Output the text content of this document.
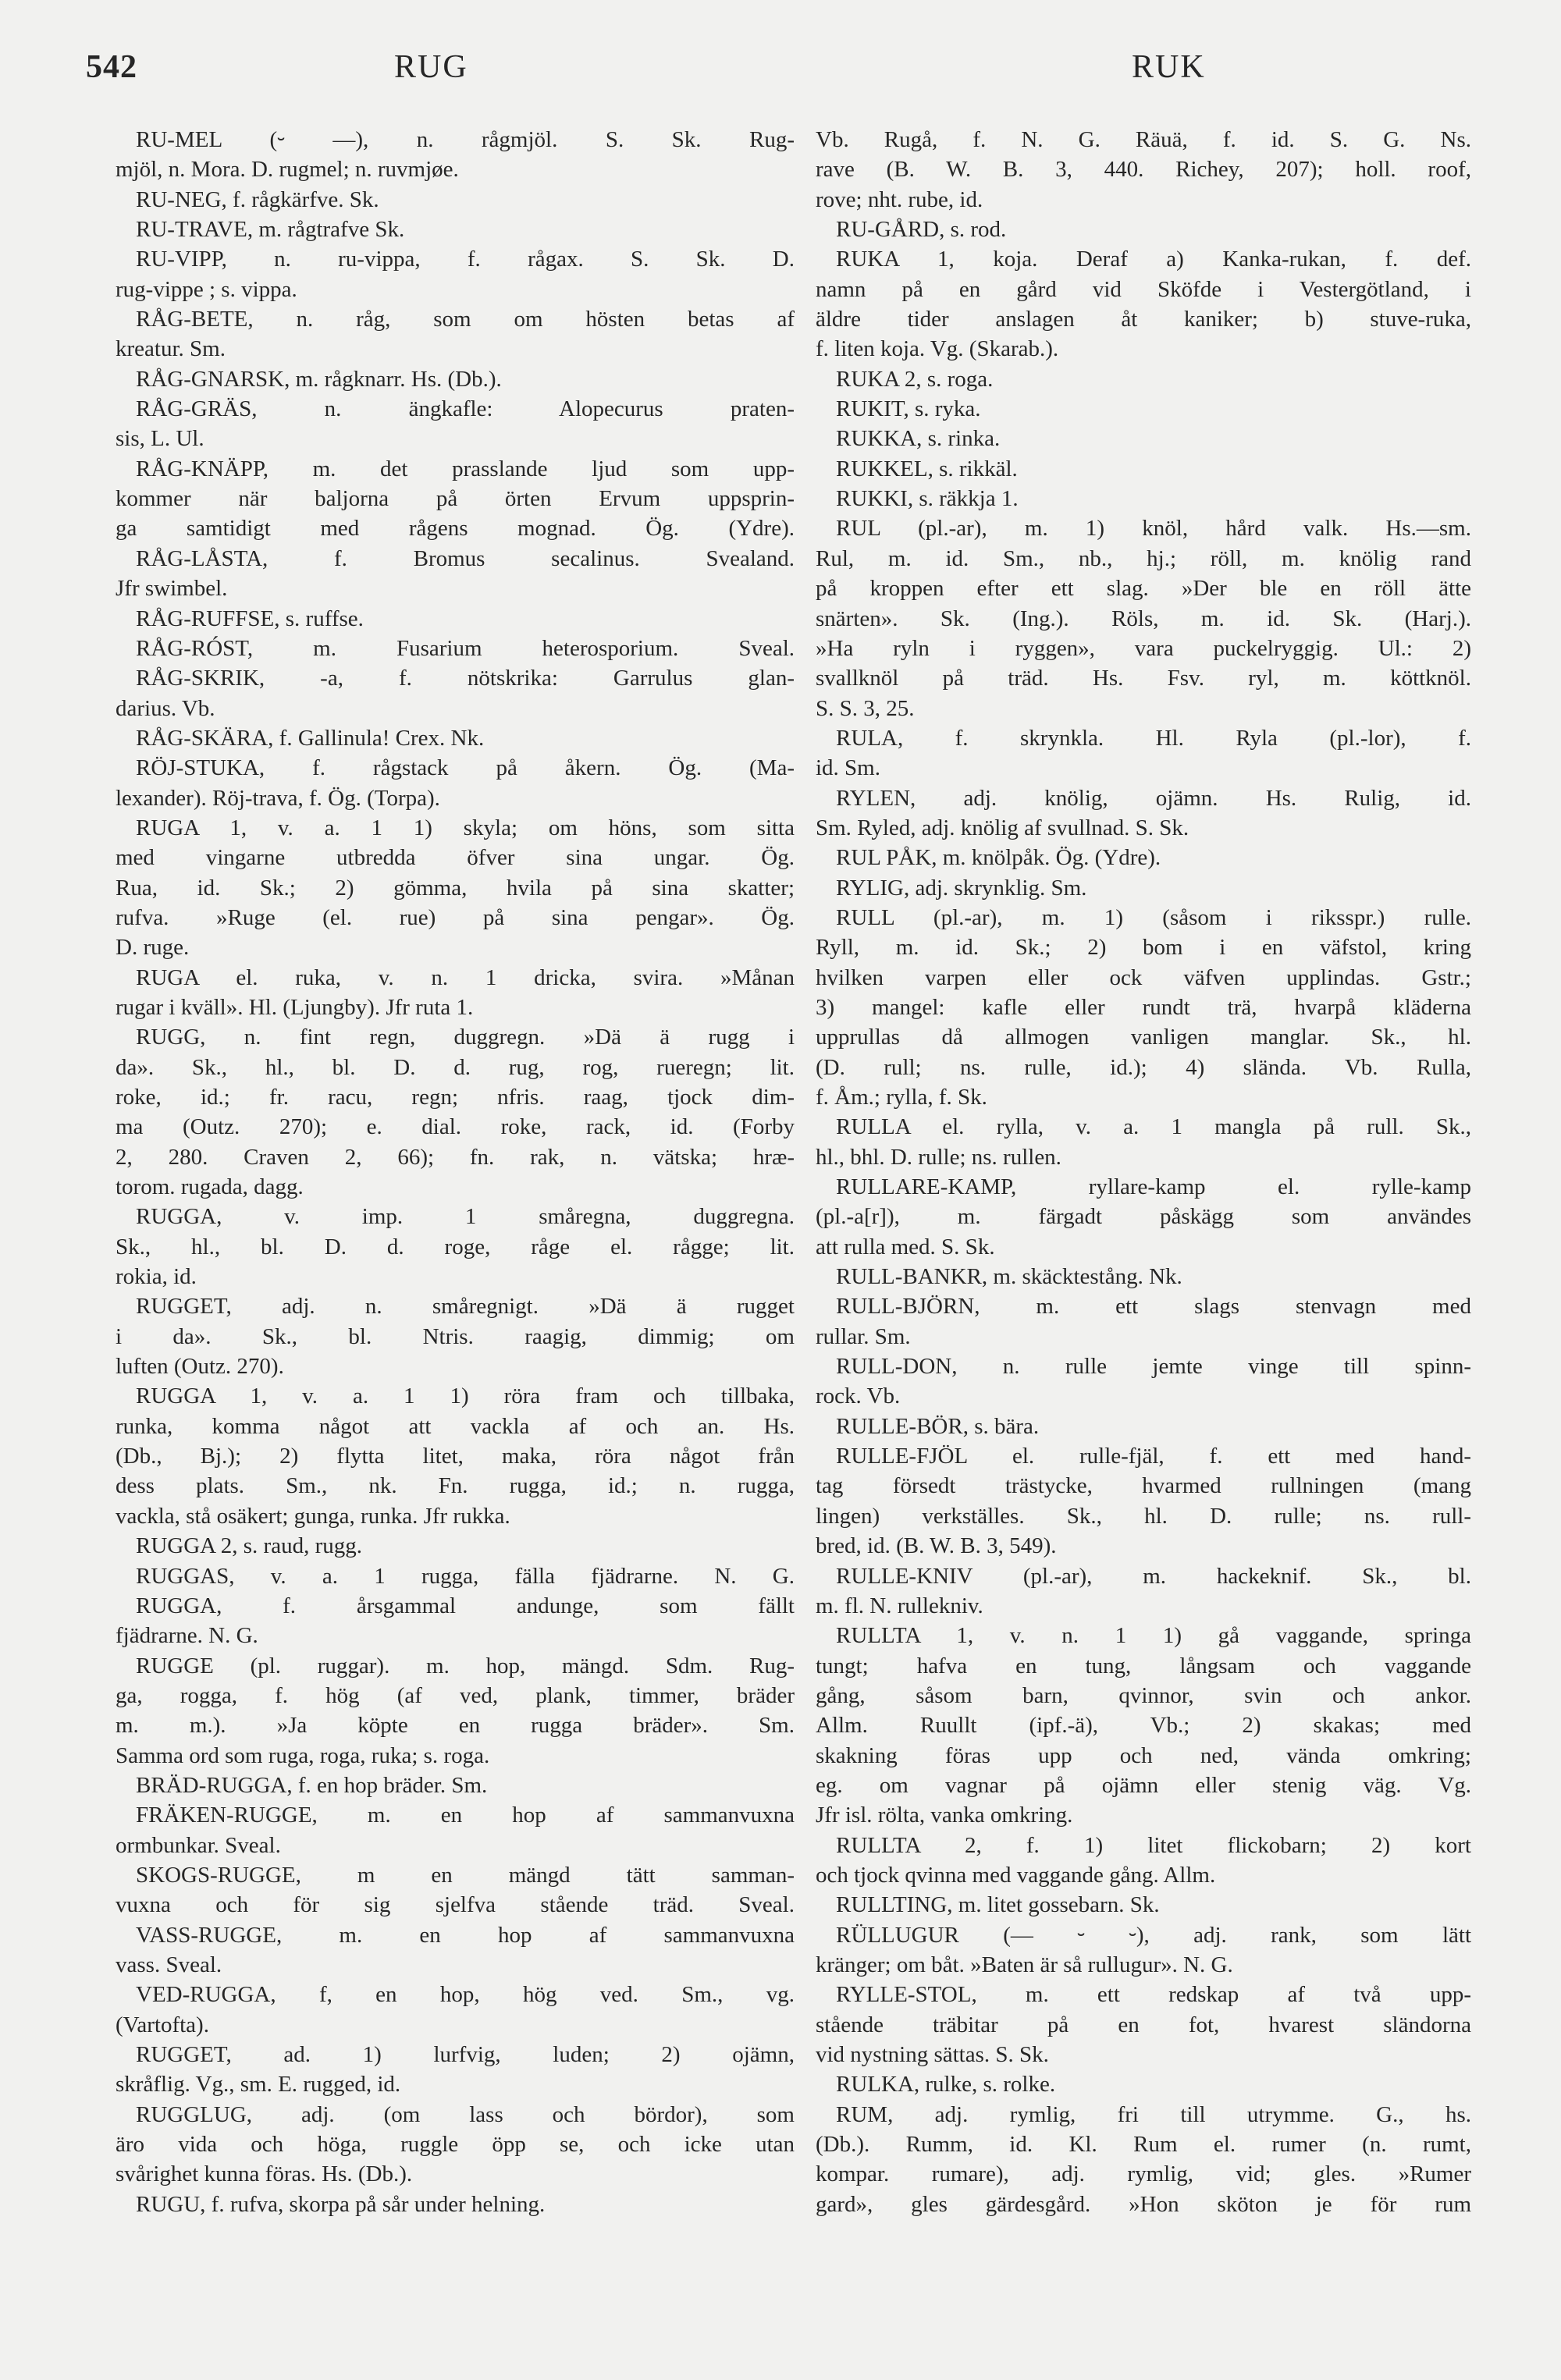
542	RUG	RUK
RU-MEL (⏑ —), n. rågmjöl. S. Sk. Rug-
mjöl, n. Mora. D. rugmel; n. ruvmjøe.
RU-NEG, f. rågkärfve. Sk.
RU-TRAVE, m. rågtrafve Sk.
RU-VIPP, n. ru-vippa, f. rågax. S. Sk. D.
rug-vippe ; s. vippa.
RÅG-BETE, n. råg, som om hösten betas af
kreatur. Sm.
RÅG-GNARSK, m. rågknarr. Hs. (Db.).
RÅG-GRÄS, n. ängkafle: Alopecurus praten-
sis, L. Ul.
RÅG-KNÄPP, m. det prasslande ljud som upp-
kommer när baljorna på örten Ervum uppsprin-
ga samtidigt med rågens mognad. Ög. (Ydre).
RÅG-LÅSTA, f. Bromus secalinus. Svealand.
Jfr swimbel.
RÅG-RUFFSE, s. ruffse.
RÅG-RÓST, m. Fusarium heterosporium. Sveal.
RÅG-SKRIK, -a, f. nötskrika: Garrulus glan-
darius. Vb.
RÅG-SKÄRA, f. Gallinula! Crex. Nk.
RÖJ-STUKA, f. rågstack på åkern. Ög. (Ma-
lexander). Röj-trava, f. Ög. (Torpa).
RUGA 1, v. a. 1 1) skyla; om höns, som sitta
med vingarne utbredda öfver sina ungar. Ög.
Rua, id. Sk.; 2) gömma, hvila på sina skatter;
rufva. »Ruge (el. rue) på sina pengar». Ög.
D. ruge.
RUGA el. ruka, v. n. 1 dricka, svira. »Månan
rugar i kväll». Hl. (Ljungby). Jfr ruta 1.
RUGG, n. fint regn, duggregn. »Dä ä rugg i
da». Sk., hl., bl. D. d. rug, rog, rueregn; lit.
roke, id.; fr. racu, regn; nfris. raag, tjock dim-
ma (Outz. 270); e. dial. roke, rack, id. (Forby
2, 280. Craven 2, 66); fn. rak, n. vätska; hræ-
torom. rugada, dagg.
RUGGA, v. imp. 1 småregna, duggregna.
Sk., hl., bl. D. d. roge, råge el. rågge; lit.
rokia, id.
RUGGET, adj. n. småregnigt. »Dä ä rugget
i da». Sk., bl. Ntris. raagig, dimmig; om
luften (Outz. 270).
RUGGA 1, v. a. 1 1) röra fram och tillbaka,
runka, komma något att vackla af och an. Hs.
(Db., Bj.); 2) flytta litet, maka, röra något från
dess plats. Sm., nk. Fn. rugga, id.; n. rugga,
vackla, stå osäkert; gunga, runka. Jfr rukka.
RUGGA 2, s. raud, rugg.
RUGGAS, v. a. 1 rugga, fälla fjädrarne. N. G.
RUGGA, f. årsgammal andunge, som fällt
fjädrarne. N. G.
RUGGE (pl. ruggar). m. hop, mängd. Sdm. Rug-
ga, rogga, f. hög (af ved, plank, timmer, bräder
m. m.). »Ja köpte en rugga bräder». Sm.
Samma ord som ruga, roga, ruka; s. roga.
BRÄD-RUGGA, f. en hop bräder. Sm.
FRÄKEN-RUGGE, m. en hop af sammanvuxna
ormbunkar. Sveal.
SKOGS-RUGGE, m en mängd tätt samman-
vuxna och för sig sjelfva stående träd. Sveal.
VASS-RUGGE, m. en hop af sammanvuxna
vass. Sveal.
VED-RUGGA, f, en hop, hög ved. Sm., vg.
(Vartofta).
RUGGET, ad. 1) lurfvig, luden; 2) ojämn,
skråflig. Vg., sm. E. rugged, id.
RUGGLUG, adj. (om lass och bördor), som
äro vida och höga, ruggle öpp se, och icke utan
svårighet kunna föras. Hs. (Db.).
RUGU, f. rufva, skorpa på sår under helning.
Vb. Rugå, f. N. G. Räuä, f. id. S. G. Ns.
rave (B. W. B. 3, 440. Richey, 207); holl. roof,
rove; nht. rube, id.
RU-GÅRD, s. rod.
RUKA 1, koja. Deraf a) Kanka-rukan, f. def.
namn på en gård vid Sköfde i Vestergötland, i
äldre tider anslagen åt kaniker; b) stuve-ruka,
f. liten koja. Vg. (Skarab.).
RUKA 2, s. roga.
RUKIT, s. ryka.
RUKKA, s. rinka.
RUKKEL, s. rikkäl.
RUKKI, s. räkkja 1.
RUL (pl.-ar), m. 1) knöl, hård valk. Hs.—sm.
Rul, m. id. Sm., nb., hj.; röll, m. knölig rand
på kroppen efter ett slag. »Der ble en röll ätte
snärten». Sk. (Ing.). Röls, m. id. Sk. (Harj.).
»Ha ryln i ryggen», vara puckelryggig. Ul.: 2)
svallknöl på träd. Hs. Fsv. ryl, m. köttknöl.
S. S. 3, 25.
RULA, f. skrynkla. Hl. Ryla (pl.-lor), f.
id. Sm.
RYLEN, adj. knölig, ojämn. Hs. Rulig, id.
Sm. Ryled, adj. knölig af svullnad. S. Sk.
RUL PÅK, m. knölpåk. Ög. (Ydre).
RYLIG, adj. skrynklig. Sm.
RULL (pl.-ar), m. 1) (såsom i riksspr.) rulle.
Ryll, m. id. Sk.; 2) bom i en väfstol, kring
hvilken varpen eller ock väfven upplindas. Gstr.;
3) mangel: kafle eller rundt trä, hvarpå kläderna
upprullas då allmogen vanligen manglar. Sk., hl.
(D. rull; ns. rulle, id.); 4) slända. Vb. Rulla,
f. Åm.; rylla, f. Sk.
RULLA el. rylla, v. a. 1 mangla på rull. Sk.,
hl., bhl. D. rulle; ns. rullen.
RULLARE-KAMP, ryllare-kamp el. rylle-kamp
(pl.-a[r]), m. färgadt påskägg som användes
att rulla med. S. Sk.
RULL-BANKR, m. skäcktestång. Nk.
RULL-BJÖRN, m. ett slags stenvagn med
rullar. Sm.
RULL-DON, n. rulle jemte vinge till spinn-
rock. Vb.
RULLE-BÖR, s. bära.
RULLE-FJÖL el. rulle-fjäl, f. ett med hand-
tag försedt trästycke, hvarmed rullningen (mang
lingen) verkställes. Sk., hl. D. rulle; ns. rull-
bred, id. (B. W. B. 3, 549).
RULLE-KNIV (pl.-ar), m. hackeknif. Sk., bl.
m. fl. N. rullekniv.
RULLTA 1, v. n. 1 1) gå vaggande, springa
tungt; hafva en tung, långsam och vaggande
gång, såsom barn, qvinnor, svin och ankor.
Allm. Ruullt (ipf.-ä), Vb.; 2) skakas; med
skakning föras upp och ned, vända omkring;
eg. om vagnar på ojämn eller stenig väg. Vg.
Jfr isl. rölta, vanka omkring.
RULLTA 2, f. 1) litet flickobarn; 2) kort
och tjock qvinna med vaggande gång. Allm.
RULLTING, m. litet gossebarn. Sk.
RÜLLUGUR (— ⏑ ⏑), adj. rank, som lätt
kränger; om båt. »Baten är så rullugur». N. G.
RYLLE-STOL, m. ett redskap af två upp-
stående träbitar på en fot, hvarest sländorna
vid nystning sättas. S. Sk.
RULKA, rulke, s. rolke.
RUM, adj. rymlig, fri till utrymme. G., hs.
(Db.). Rumm, id. Kl. Rum el. rumer (n. rumt,
kompar. rumare), adj. rymlig, vid; gles. »Rumer
gard», gles gärdesgård. »Hon sköton je för rum
